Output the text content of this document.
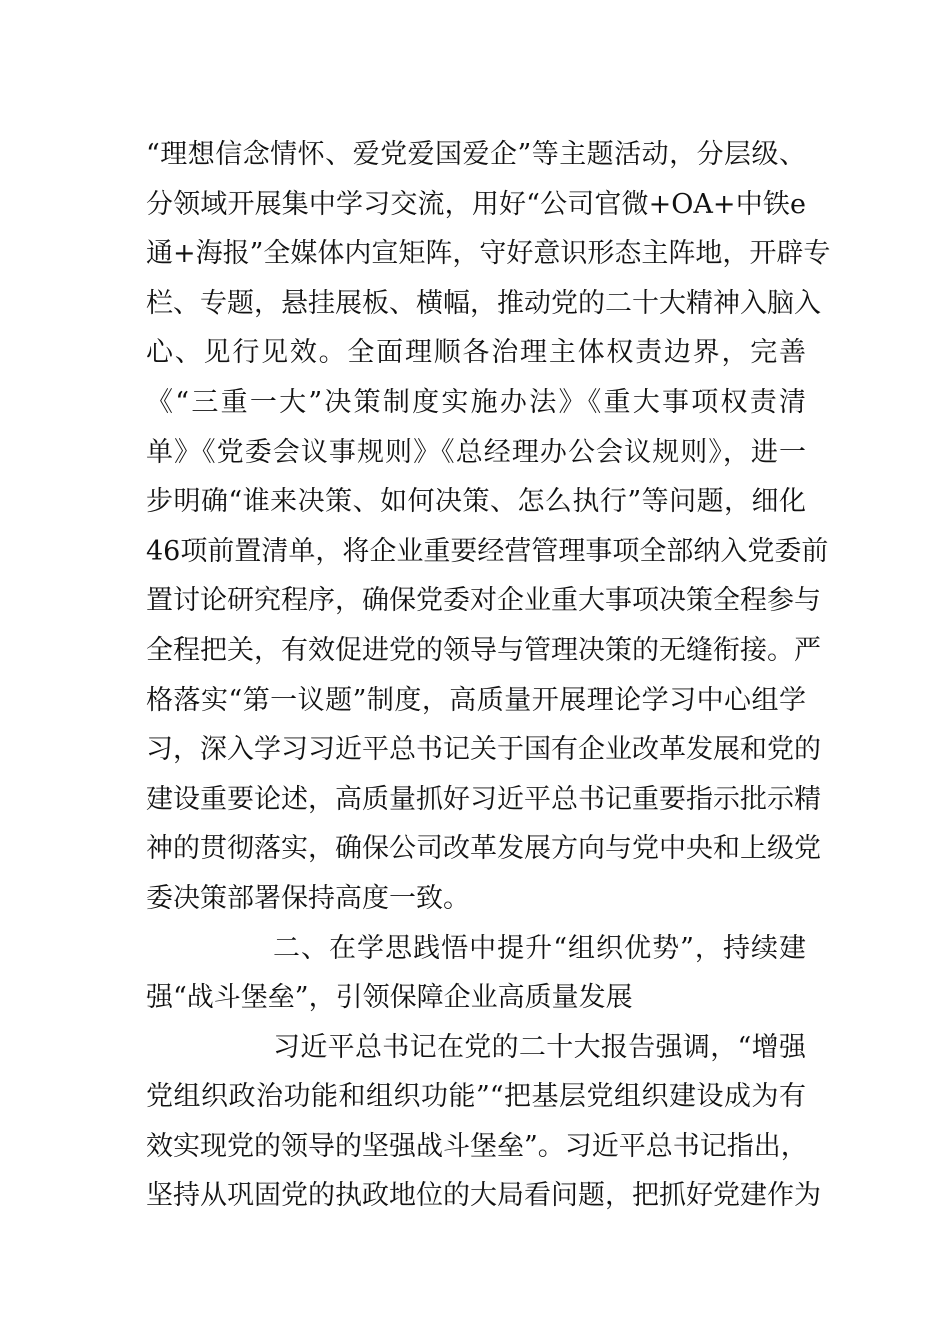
“理想信念情怀、爱党爱国爱企”等主题活动，分层级、
分领域开展集中学习交流，用好“公司官微+OA+中铁e
通+海报”全媒体内宣矩阵，守好意识形态主阵地，开辟专
栏、专题，悬挂展板、横幅，推动党的二十大精神入脑入
心、见行见效。全面理顺各治理主体权责边界，完善
《“三重一大”决策制度实施办法》《重大事项权责清
单》《党委会议事规则》《总经理办公会议规则》，进一
步明确“谁来决策、如何决策、怎么执行”等问题，细化
46项前置清单，将企业重要经营管理事项全部纳入党委前
置讨论研究程序，确保党委对企业重大事项决策全程参与
全程把关，有效促进党的领导与管理决策的无缝衔接。严
格落实“第一议题”制度，高质量开展理论学习中心组学
习，深入学习习近平总书记关于国有企业改革发展和党的
建设重要论述，高质量抓好习近平总书记重要指示批示精
神的贯彻落实，确保公司改革发展方向与党中央和上级党
委决策部署保持高度一致。
二、在学思践悟中提升“组织优势”，持续建
强“战斗堡垒”，引领保障企业高质量发展
习近平总书记在党的二十大报告强调，“增强
党组织政治功能和组织功能”“把基层党组织建设成为有
效实现党的领导的坚强战斗堡垒”。习近平总书记指出，
坚持从巩固党的执政地位的大局看问题，把抓好党建作为
